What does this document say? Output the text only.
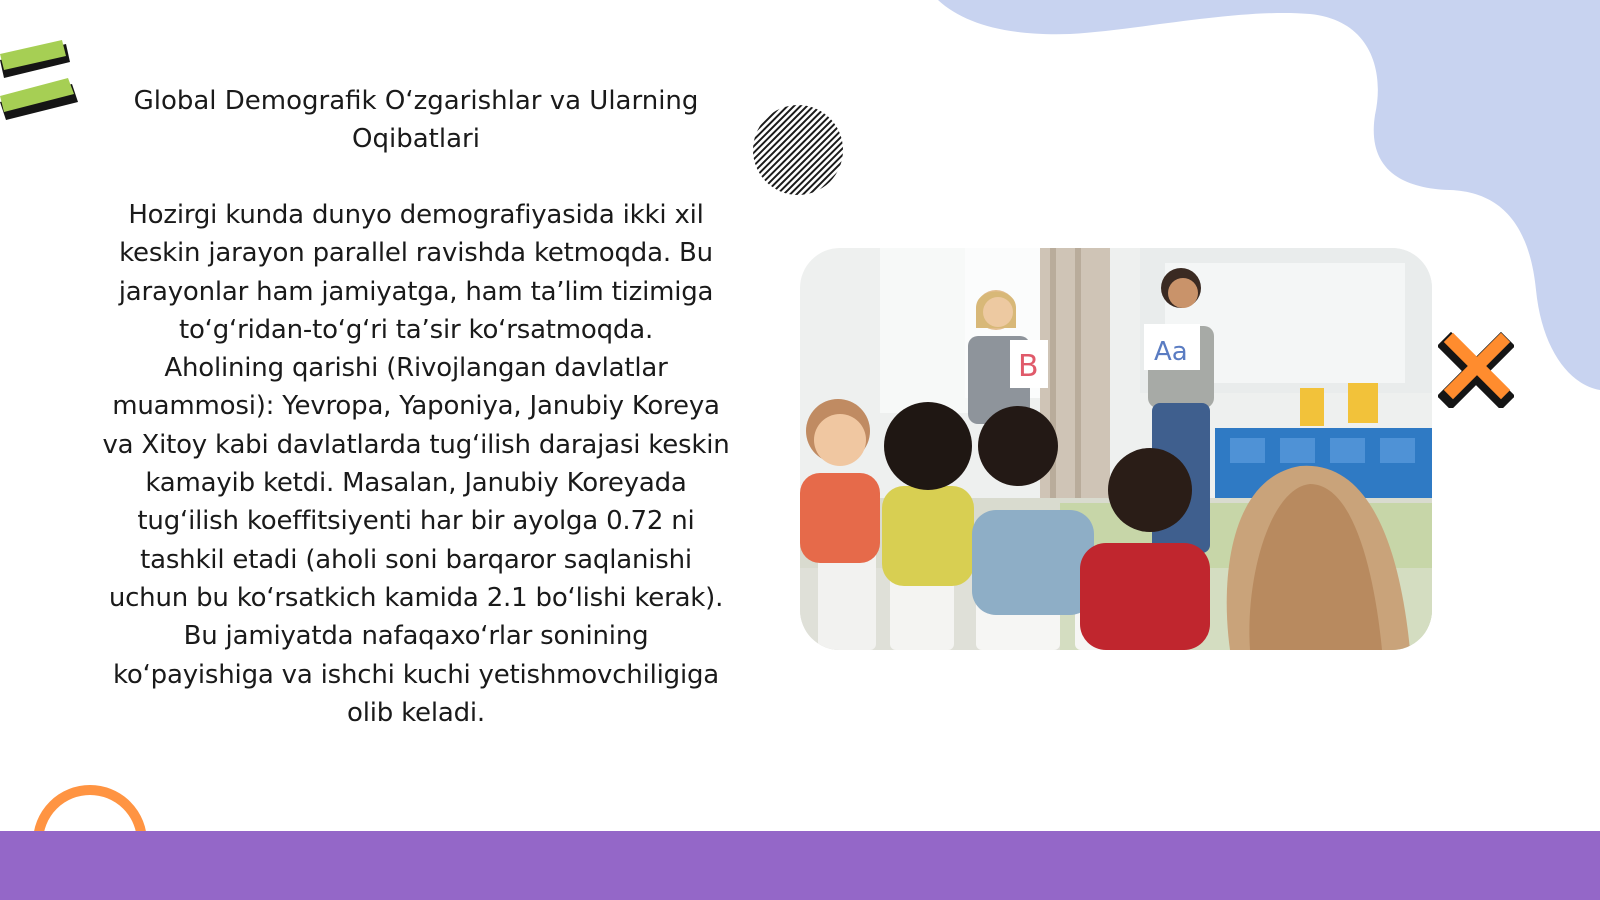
Global Demografik O‘zgarishlar va Ularning Oqibatlari

Hozirgi kunda dunyo demografiyasida ikki xil keskin jarayon parallel ravishda ketmoqda. Bu jarayonlar ham jamiyatga, ham ta’lim tizimiga to‘g‘ridan-to‘g‘ri ta’sir ko‘rsatmoqda.

Aholining qarishi (Rivojlangan davlatlar muammosi): Yevropa, Yaponiya, Janubiy Koreya va Xitoy kabi davlatlarda tug‘ilish darajasi keskin kamayib ketdi. Masalan, Janubiy Koreyada tug‘ilish koeffitsiyenti har bir ayolga 0.72 ni tashkil etadi (aholi soni barqaror saqlanishi uchun bu ko‘rsatkich kamida 2.1 bo‘lishi kerak). Bu jamiyatda nafaqaxo‘rlar sonining ko‘payishiga va ishchi kuchi yetishmovchiligiga olib keladi.

B	Aa
